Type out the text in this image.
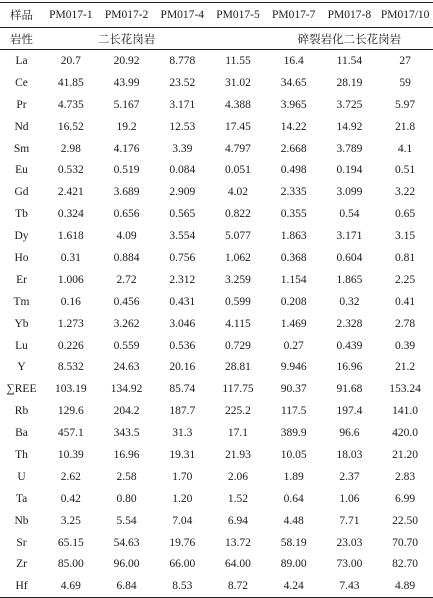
样品	PM017-1	PM017-2	PM017-4	PM017-5	PM017-7	PM017-8	PM017/10
岩性	二长花岗岩				碎裂岩化二长花岗岩		
La	20.7	20.92	8.778	11.55	16.4	11.54	27
Ce	41.85	43.99	23.52	31.02	34.65	28.19	59
Pr	4.735	5.167	3.171	4.388	3.965	3.725	5.97
Nd	16.52	19.2	12.53	17.45	14.22	14.92	21.8
Sm	2.98	4.176	3.39	4.797	2.668	3.789	4.1
Eu	0.532	0.519	0.084	0.051	0.498	0.194	0.51
Gd	2.421	3.689	2.909	4.02	2.335	3.099	3.22
Tb	0.324	0.656	0.565	0.822	0.355	0.54	0.65
Dy	1.618	4.09	3.554	5.077	1.863	3.171	3.15
Ho	0.31	0.884	0.756	1.062	0.368	0.604	0.81
Er	1.006	2.72	2.312	3.259	1.154	1.865	2.25
Tm	0.16	0.456	0.431	0.599	0.208	0.32	0.41
Yb	1.273	3.262	3.046	4.115	1.469	2.328	2.78
Lu	0.226	0.559	0.536	0.729	0.27	0.439	0.39
Y	8.532	24.63	20.16	28.81	9.946	16.96	21.2
∑REE	103.19	134.92	85.74	117.75	90.37	91.68	153.24
Rb	129.6	204.2	187.7	225.2	117.5	197.4	141.0
Ba	457.1	343.5	31.3	17.1	389.9	96.6	420.0
Th	10.39	16.96	19.31	21.93	10.05	18.03	21.20
U	2.62	2.58	1.70	2.06	1.89	2.37	2.83
Ta	0.42	0.80	1.20	1.52	0.64	1.06	6.99
Nb	3.25	5.54	7.04	6.94	4.48	7.71	22.50
Sr	65.15	54.63	19.76	13.72	58.19	23.03	70.70
Zr	85.00	96.00	66.00	64.00	89.00	73.00	82.70
Hf	4.69	6.84	8.53	8.72	4.24	7.43	4.89
